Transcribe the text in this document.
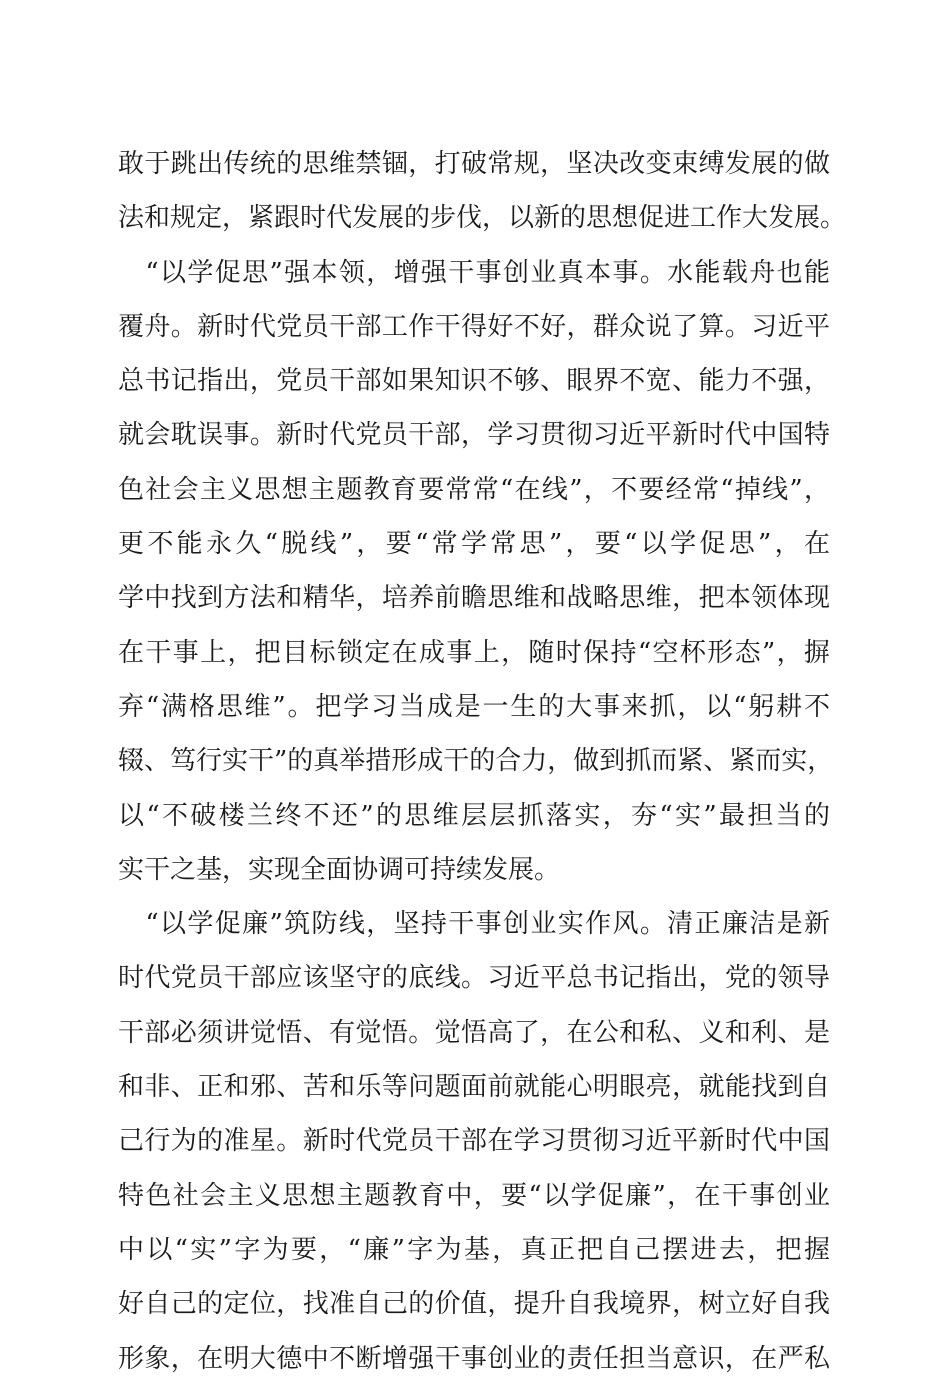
敢于跳出传统的思维禁锢，打破常规，坚决改变束缚发展的做
法和规定，紧跟时代发展的步伐，以新的思想促进工作大发展。
　“以学促思”强本领，增强干事创业真本事。水能载舟也能
覆舟。新时代党员干部工作干得好不好，群众说了算。习近平
总书记指出，党员干部如果知识不够、眼界不宽、能力不强，
就会耽误事。新时代党员干部，学习贯彻习近平新时代中国特
色社会主义思想主题教育要常常“在线”，不要经常“掉线”，
更不能永久“脱线”，要“常学常思”，要“以学促思”，在
学中找到方法和精华，培养前瞻思维和战略思维，把本领体现
在干事上，把目标锁定在成事上，随时保持“空杯形态”，摒
弃“满格思维”。把学习当成是一生的大事来抓，以“躬耕不
辍、笃行实干”的真举措形成干的合力，做到抓而紧、紧而实，
以“不破楼兰终不还”的思维层层抓落实，夯“实”最担当的
实干之基，实现全面协调可持续发展。
　“以学促廉”筑防线，坚持干事创业实作风。清正廉洁是新
时代党员干部应该坚守的底线。习近平总书记指出，党的领导
干部必须讲觉悟、有觉悟。觉悟高了，在公和私、义和利、是
和非、正和邪、苦和乐等问题面前就能心明眼亮，就能找到自
己行为的准星。新时代党员干部在学习贯彻习近平新时代中国
特色社会主义思想主题教育中，要“以学促廉”，在干事创业
中以“实”字为要，“廉”字为基，真正把自己摆进去，把握
好自己的定位，找准自己的价值，提升自我境界，树立好自我
形象，在明大德中不断增强干事创业的责任担当意识，在严私
